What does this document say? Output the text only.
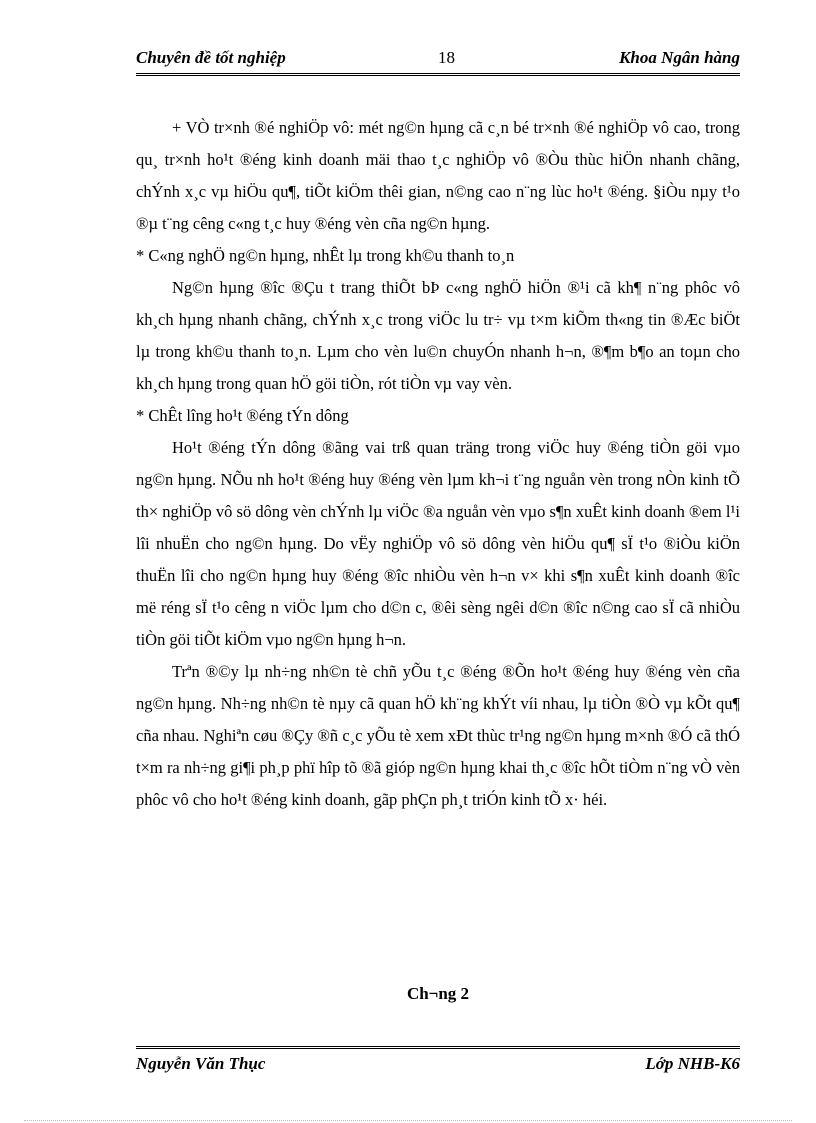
Chuyên đề tốt nghiệp	18	Khoa Ngân hàng

+ VÒ tr×nh ®é nghiÖp vô: mét ng©n hµng cã c¸n bé tr×nh ®é nghiÖp vô cao, trong qu¸ tr×nh ho¹t ®éng kinh doanh mäi thao t¸c nghiÖp vô ®Òu thùc hiÖn nhanh chãng, chÝnh x¸c vµ hiÖu qu¶, tiÕt kiÖm thêi gian, n©ng cao n¨ng lùc ho¹t ®éng. §iÒu nµy t¹o ®µ t¨ng cêng c«ng t¸c huy ®éng vèn cña ng©n hµng.

* C«ng nghÖ ng©n hµng, nhÊt lµ trong kh©u thanh to¸n

Ng©n hµng ®îc ®Çu t trang thiÕt bÞ c«ng nghÖ hiÖn ®¹i cã kh¶ n¨ng phôc vô kh¸ch hµng nhanh chãng, chÝnh x¸c trong viÖc lu tr÷ vµ t×m kiÕm th«ng tin ®Æc biÖt lµ trong kh©u thanh to¸n. Lµm cho vèn lu©n chuyÓn nhanh h¬n, ®¶m b¶o an toµn cho kh¸ch hµng trong quan hÖ göi tiÒn, rót tiÒn vµ vay vèn.

* ChÊt lîng ho¹t ®éng tÝn dông

Ho¹t ®éng tÝn dông ®ãng vai trß quan träng trong viÖc huy ®éng tiÒn göi vµo ng©n hµng. NÕu nh ho¹t ®éng huy ®éng vèn lµm kh¬i t¨ng nguån vèn trong nÒn kinh tÕ th× nghiÖp vô sö dông vèn chÝnh lµ viÖc ®a nguån vèn vµo s¶n xuÊt kinh doanh ®em l¹i lîi nhuËn cho ng©n hµng. Do vËy nghiÖp vô sö dông vèn hiÖu qu¶ sÏ t¹o ®iÒu kiÖn thuËn lîi cho ng©n hµng huy ®éng ®îc nhiÒu vèn h¬n v× khi s¶n xuÊt kinh doanh ®îc më réng sÏ t¹o cêng n viÖc lµm cho d©n c, ®êi sèng ngêi d©n ®îc n©ng cao sÏ cã nhiÒu tiÒn göi tiÕt kiÖm vµo ng©n hµng h¬n.

Trªn ®©y lµ nh÷ng nh©n tè chñ yÕu t¸c ®éng ®Õn ho¹t ®éng huy ®éng vèn cña ng©n hµng. Nh÷ng nh©n tè nµy cã quan hÖ kh¨ng khÝt víi nhau, lµ tiÒn ®Ò vµ kÕt qu¶ cña nhau. Nghiªn cøu ®Çy ®ñ c¸c yÕu tè xem xÐt thùc tr¹ng ng©n hµng m×nh ®Ó cã thÓ t×m ra nh÷ng gi¶i ph¸p phï hîp tõ ®ã gióp ng©n hµng khai th¸c ®îc hÕt tiÒm n¨ng vÒ vèn phôc vô cho ho¹t ®éng kinh doanh, gãp phÇn ph¸t triÓn kinh tÕ x· héi.

Ch¬ng 2
Nguyễn Văn Thục	Lớp NHB-K6
